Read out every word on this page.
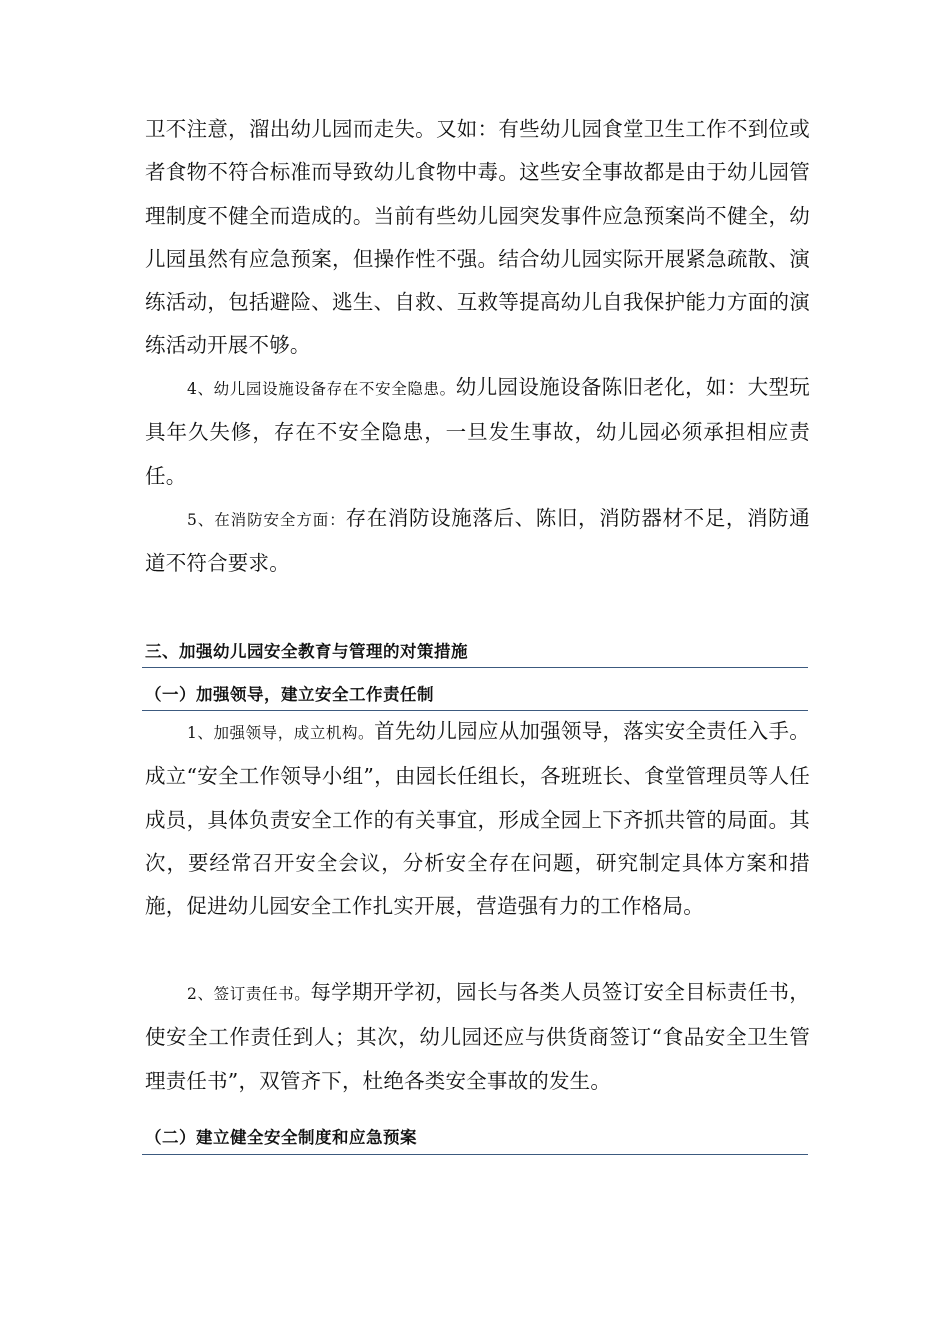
卫不注意，溜出幼儿园而走失。又如：有些幼儿园食堂卫生工作不到位或者食物不符合标准而导致幼儿食物中毒。这些安全事故都是由于幼儿园管理制度不健全而造成的。当前有些幼儿园突发事件应急预案尚不健全，幼儿园虽然有应急预案，但操作性不强。结合幼儿园实际开展紧急疏散、演练活动，包括避险、逃生、自救、互救等提高幼儿自我保护能力方面的演练活动开展不够。

4、幼儿园设施设备存在不安全隐患。幼儿园设施设备陈旧老化，如：大型玩具年久失修，存在不安全隐患，一旦发生事故，幼儿园必须承担相应责任。

5、在消防安全方面：存在消防设施落后、陈旧，消防器材不足，消防通道不符合要求。

三、加强幼儿园安全教育与管理的对策措施
（一）加强领导，建立安全工作责任制

1、加强领导，成立机构。首先幼儿园应从加强领导，落实安全责任入手。成立“安全工作领导小组”，由园长任组长，各班班长、食堂管理员等人任成员，具体负责安全工作的有关事宜，形成全园上下齐抓共管的局面。其次，要经常召开安全会议，分析安全存在问题，研究制定具体方案和措施，促进幼儿园安全工作扎实开展，营造强有力的工作格局。

2、签订责任书。每学期开学初，园长与各类人员签订安全目标责任书，使安全工作责任到人；其次，幼儿园还应与供货商签订“食品安全卫生管理责任书”，双管齐下，杜绝各类安全事故的发生。

（二）建立健全安全制度和应急预案
